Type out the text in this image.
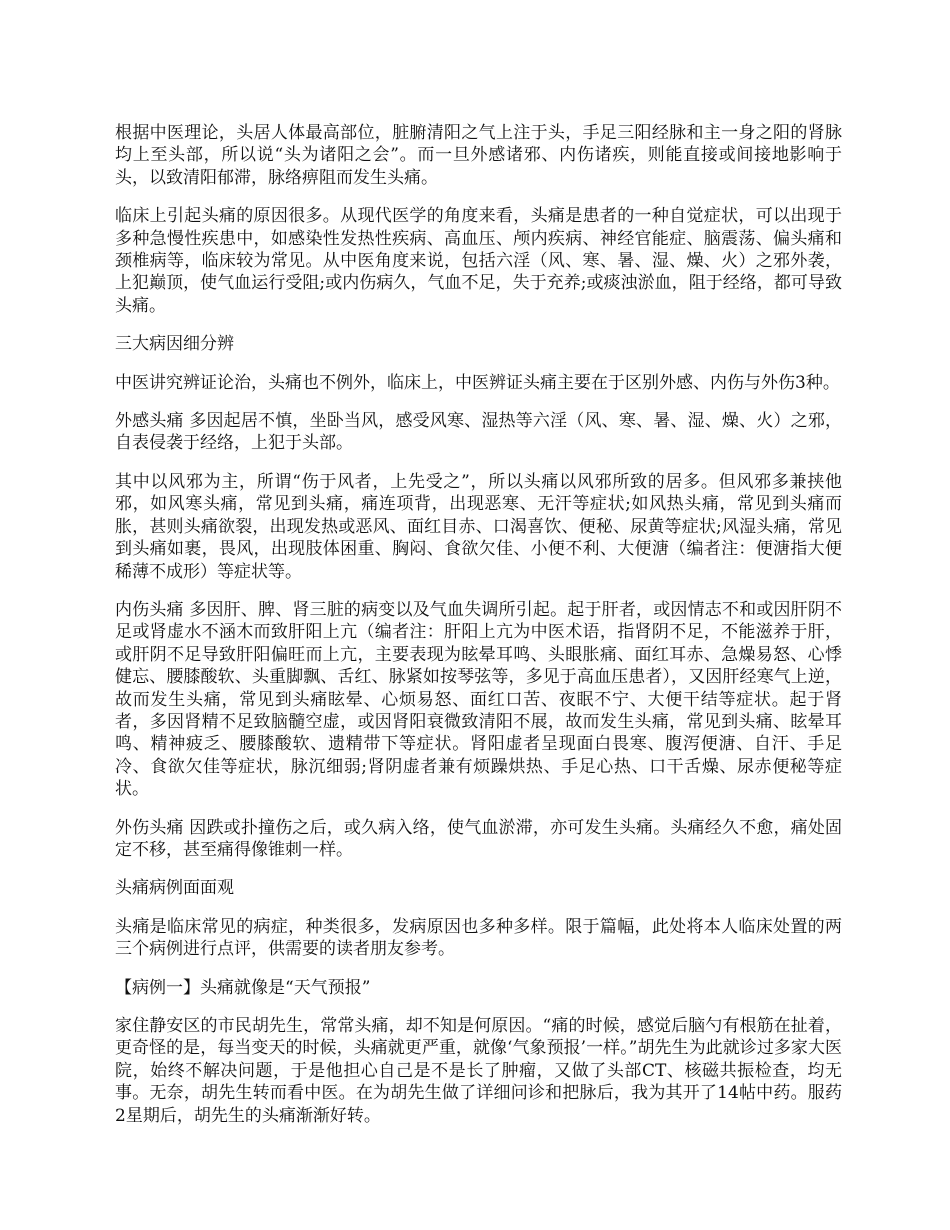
根据中医理论，头居人体最高部位，脏腑清阳之气上注于头，手足三阳经脉和主一身之阳的肾脉均上至头部，所以说“头为诸阳之会”。而一旦外感诸邪、内伤诸疾，则能直接或间接地影响于头，以致清阳郁滞，脉络痹阻而发生头痛。

临床上引起头痛的原因很多。从现代医学的角度来看，头痛是患者的一种自觉症状，可以出现于多种急慢性疾患中，如感染性发热性疾病、高血压、颅内疾病、神经官能症、脑震荡、偏头痛和颈椎病等，临床较为常见。从中医角度来说，包括六淫（风、寒、暑、湿、燥、火）之邪外袭，上犯巅顶，使气血运行受阻;或内伤病久，气血不足，失于充养;或痰浊淤血，阻于经络，都可导致头痛。

三大病因细分辨

中医讲究辨证论治，头痛也不例外，临床上，中医辨证头痛主要在于区别外感、内伤与外伤3种。

外感头痛 多因起居不慎，坐卧当风，感受风寒、湿热等六淫（风、寒、暑、湿、燥、火）之邪，自表侵袭于经络，上犯于头部。

其中以风邪为主，所谓“伤于风者，上先受之”，所以头痛以风邪所致的居多。但风邪多兼挟他邪，如风寒头痛，常见到头痛，痛连项背，出现恶寒、无汗等症状;如风热头痛，常见到头痛而胀，甚则头痛欲裂，出现发热或恶风、面红目赤、口渴喜饮、便秘、尿黄等症状;风湿头痛，常见到头痛如裹，畏风，出现肢体困重、胸闷、食欲欠佳、小便不利、大便溏（编者注：便溏指大便稀薄不成形）等症状等。

内伤头痛 多因肝、脾、肾三脏的病变以及气血失调所引起。起于肝者，或因情志不和或因肝阴不足或肾虚水不涵木而致肝阳上亢（编者注：肝阳上亢为中医术语，指肾阴不足，不能滋养于肝，或肝阴不足导致肝阳偏旺而上亢，主要表现为眩晕耳鸣、头眼胀痛、面红耳赤、急燥易怒、心悸健忘、腰膝酸软、头重脚飘、舌红、脉紧如按琴弦等，多见于高血压患者），又因肝经寒气上逆，故而发生头痛，常见到头痛眩晕、心烦易怒、面红口苦、夜眠不宁、大便干结等症状。起于肾者，多因肾精不足致脑髓空虚，或因肾阳衰微致清阳不展，故而发生头痛，常见到头痛、眩晕耳鸣、精神疲乏、腰膝酸软、遗精带下等症状。肾阳虚者呈现面白畏寒、腹泻便溏、自汗、手足冷、食欲欠佳等症状，脉沉细弱;肾阴虚者兼有烦躁烘热、手足心热、口干舌燥、尿赤便秘等症状。

外伤头痛 因跌或扑撞伤之后，或久病入络，使气血淤滞，亦可发生头痛。头痛经久不愈，痛处固定不移，甚至痛得像锥刺一样。

头痛病例面面观

头痛是临床常见的病症，种类很多，发病原因也多种多样。限于篇幅，此处将本人临床处置的两三个病例进行点评，供需要的读者朋友参考。

【病例一】头痛就像是“天气预报”

家住静安区的市民胡先生，常常头痛，却不知是何原因。“痛的时候，感觉后脑勺有根筋在扯着，更奇怪的是，每当变天的时候，头痛就更严重，就像‘气象预报’一样。”胡先生为此就诊过多家大医院，始终不解决问题，于是他担心自己是不是长了肿瘤，又做了头部CT、核磁共振检查，均无事。无奈，胡先生转而看中医。在为胡先生做了详细问诊和把脉后，我为其开了14帖中药。服药2星期后，胡先生的头痛渐渐好转。
